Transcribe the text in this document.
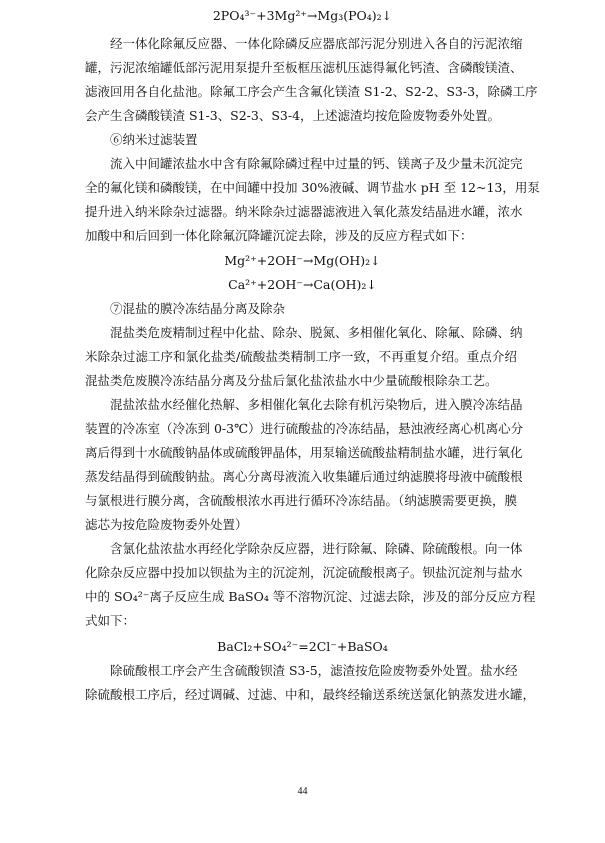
2PO₄³⁻+3Mg²⁺→Mg₃(PO₄)₂↓
经一体化除氟反应器、一体化除磷反应器底部污泥分别进入各自的污泥浓缩
罐，污泥浓缩罐低部污泥用泵提升至板框压滤机压滤得氟化钙渣、含磷酸镁渣、
滤液回用各自化盐池。除氟工序会产生含氟化镁渣 S1-2、S2-2、S3-3，除磷工序
会产生含磷酸镁渣 S1-3、S2-3、S3-4，上述滤渣均按危险废物委外处置。
⑥纳米过滤装置
流入中间罐浓盐水中含有除氟除磷过程中过量的钙、镁离子及少量未沉淀完
全的氟化镁和磷酸镁，在中间罐中投加 30%液碱、调节盐水 pH 至 12~13，用泵
提升进入纳米除杂过滤器。纳米除杂过滤器滤液进入氧化蒸发结晶进水罐，浓水
加酸中和后回到一体化除氟沉降罐沉淀去除，涉及的反应方程式如下：
Mg²⁺+2OH⁻→Mg(OH)₂↓
Ca²⁺+2OH⁻→Ca(OH)₂↓
⑦混盐的膜冷冻结晶分离及除杂
混盐类危废精制过程中化盐、除杂、脱氮、多相催化氧化、除氟、除磷、纳
米除杂过滤工序和氯化盐类/硫酸盐类精制工序一致，不再重复介绍。重点介绍
混盐类危废膜冷冻结晶分离及分盐后氯化盐浓盐水中少量硫酸根除杂工艺。
混盐浓盐水经催化热解、多相催化氧化去除有机污染物后，进入膜冷冻结晶
装置的冷冻室（冷冻到 0-3℃）进行硫酸盐的冷冻结晶，悬浊液经离心机离心分
离后得到十水硫酸钠晶体或硫酸钾晶体，用泵输送硫酸盐精制盐水罐，进行氧化
蒸发结晶得到硫酸钠盐。离心分离母液流入收集罐后通过纳滤膜将母液中硫酸根
与氯根进行膜分离，含硫酸根浓水再进行循环冷冻结晶。（纳滤膜需要更换，膜
滤芯为按危险废物委外处置）
含氯化盐浓盐水再经化学除杂反应器，进行除氟、除磷、除硫酸根。向一体
化除杂反应器中投加以钡盐为主的沉淀剂，沉淀硫酸根离子。钡盐沉淀剂与盐水
中的 SO₄²⁻离子反应生成 BaSO₄ 等不溶物沉淀、过滤去除，涉及的部分反应方程
式如下：
BaCl₂+SO₄²⁻=2Cl⁻+BaSO₄
除硫酸根工序会产生含硫酸钡渣 S3-5，滤渣按危险废物委外处置。盐水经
除硫酸根工序后，经过调碱、过滤、中和，最终经输送系统送氯化钠蒸发进水罐，
44
